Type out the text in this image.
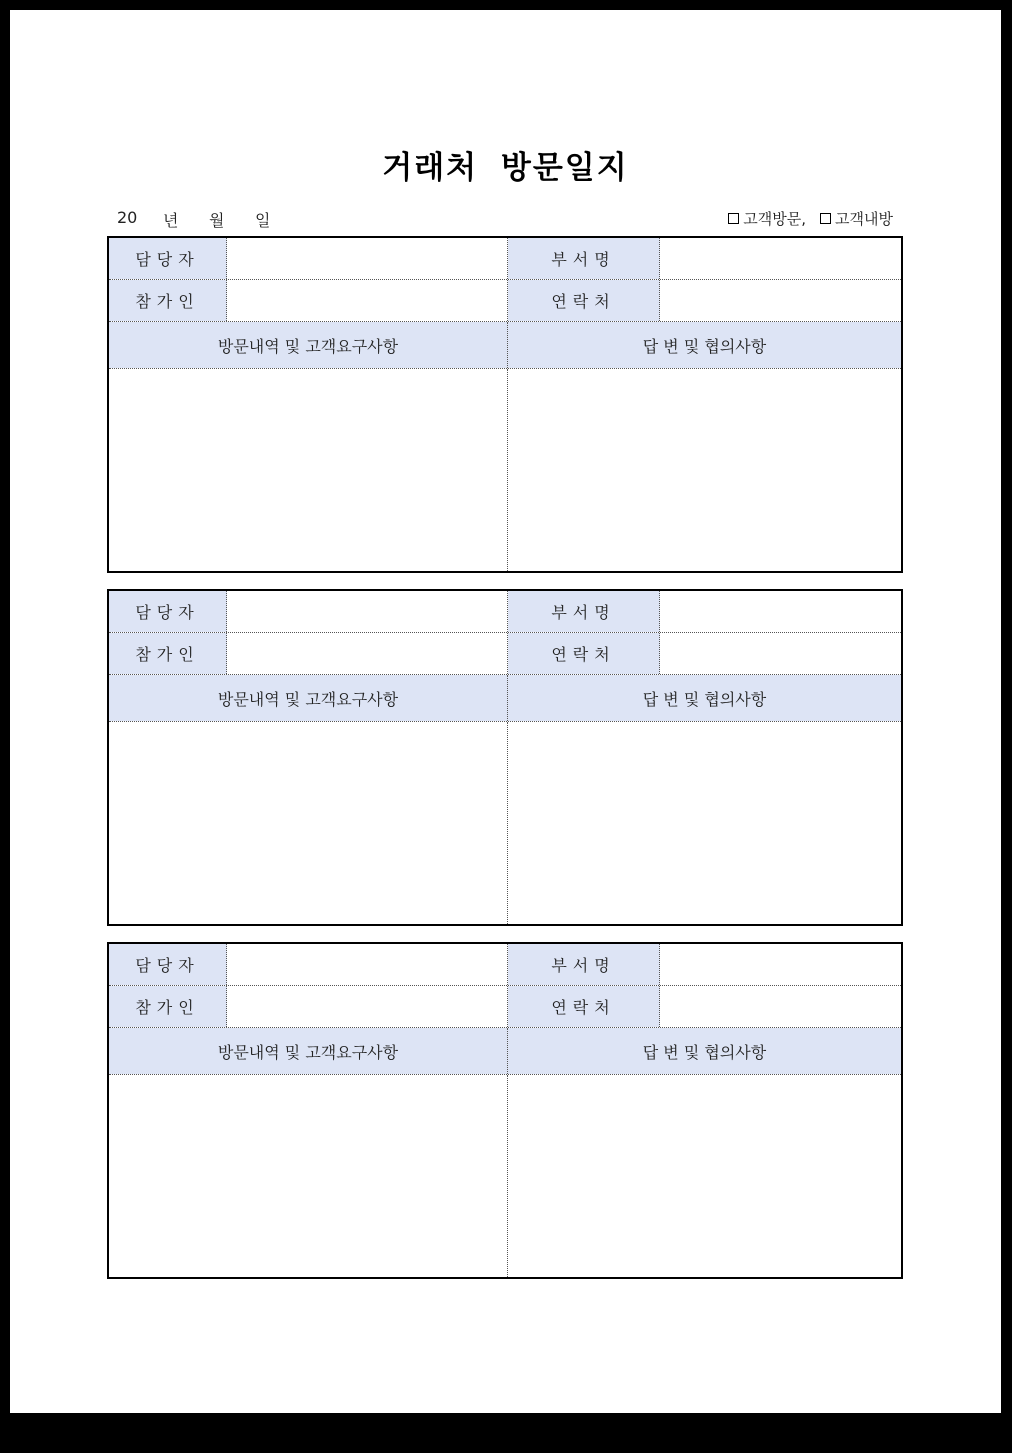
거래처 방문일지
20	년	월	일	고객방문, 고객내방
담당자	부서명
참가인	연락처
방문내역 및 고객요구사항	답 변 및 협의사항
담당자	부서명
참가인	연락처
방문내역 및 고객요구사항	답 변 및 협의사항
담당자	부서명
참가인	연락처
방문내역 및 고객요구사항	답 변 및 협의사항
